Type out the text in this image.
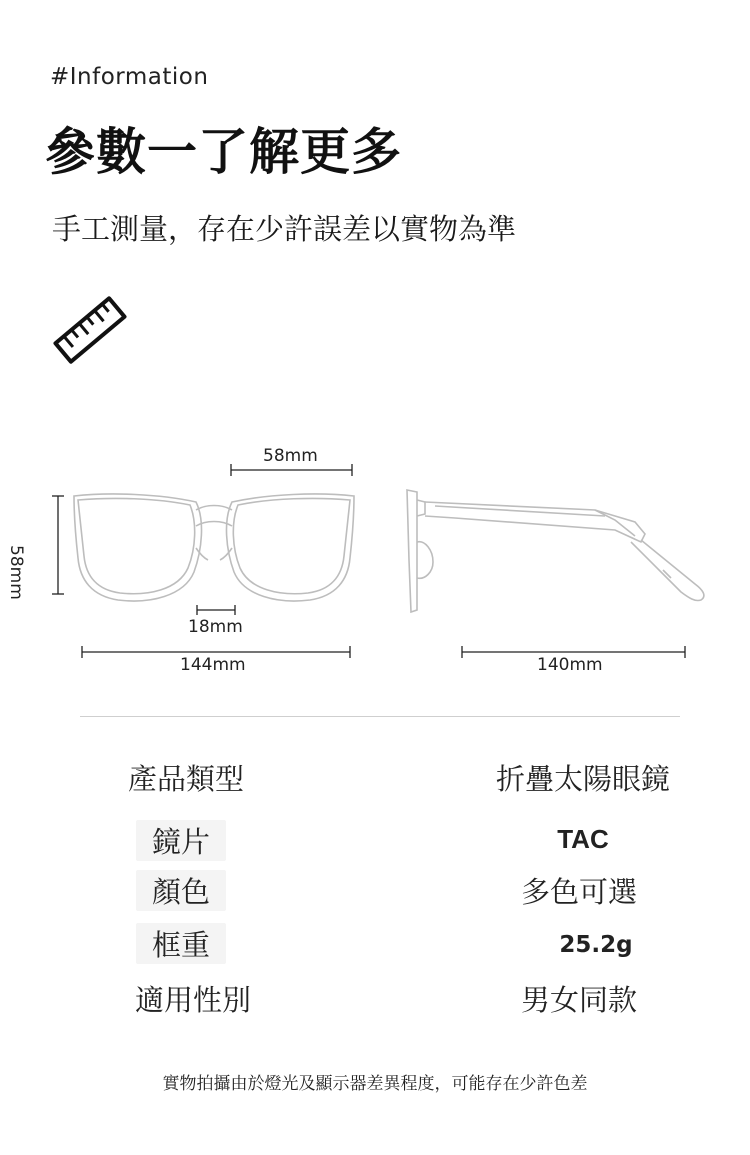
#Information
參數一了解更多
手工測量，存在少許誤差以實物為準
58mm
58mm
18mm
144mm	140mm
產品類型	折疊太陽眼鏡
鏡片	TAC
顏色	多色可選
框重	25.2g
適用性別	男女同款
實物拍攝由於燈光及顯示器差異程度，可能存在少許色差
